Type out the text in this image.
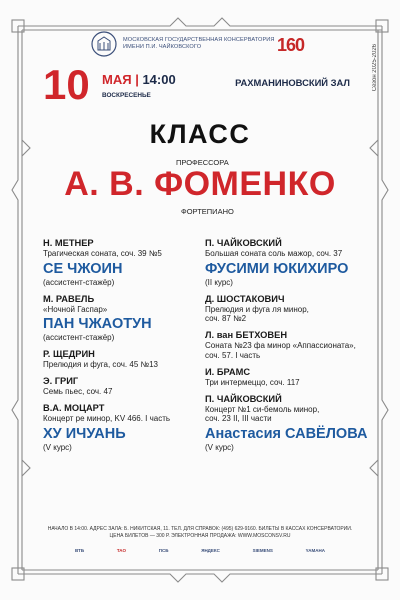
МОСКОВСКАЯ ГОСУДАРСТВЕННАЯ КОНСЕРВАТОРИЯ
ИМЕНИ П.И. ЧАЙКОВСКОГО	160	Сезон 2025-2026
10 МАЯ | 14:00
ВОСКРЕСЕНЬЕ
РАХМАНИНОВСКИЙ ЗАЛ
КЛАСС
ПРОФЕССОРА
А. В. ФОМЕНКО
ФОРТЕПИАНО

Н. МЕТНЕР

Трагическая соната, соч. 39 №5

СЕ ЧЖОИН

(ассистент-стажёр)

М. РАВЕЛЬ

«Ночной Гаспар»

ПАН ЧЖАОТУН

(ассистент-стажёр)

Р. ЩЕДРИН

Прелюдия и фуга, соч. 45 №13

Э. ГРИГ

Семь пьес, соч. 47

В.А. МОЦАРТ

Концерт ре минор, KV 466. I часть

ХУ ИЧУАНЬ

(V курс)

П. ЧАЙКОВСКИЙ

Большая соната соль мажор, соч. 37

ФУСИМИ ЮКИХИРО

(II курс)

Д. ШОСТАКОВИЧ

Прелюдия и фуга ля минор,

соч. 87 №2

Л. ван БЕТХОВЕН

Соната №23 фа минор «Аппассионата»,

соч. 57. I часть

И. БРАМС

Три интермеццо, соч. 117

П. ЧАЙКОВСКИЙ

Концерт №1 си-бемоль минор,

соч. 23 II, III части

Анастасия САВЁЛОВА

(V курс)

НАЧАЛО В 14:00. АДРЕС ЗАЛА: Б. НИКИТСКАЯ, 11. ТЕЛ. ДЛЯ СПРАВОК: (495) 629-9160. БИЛЕТЫ В КАССАХ КОНСЕРВАТОРИИ.
ЦЕНА БИЛЕТОВ — 300 Р. ЭЛЕКТРОННАЯ ПРОДАЖА: WWW.MOSCONSV.RU
ВТБ	TAO	ПСБ	ЯНДЕКС	SIEMENS	YAMAHA
